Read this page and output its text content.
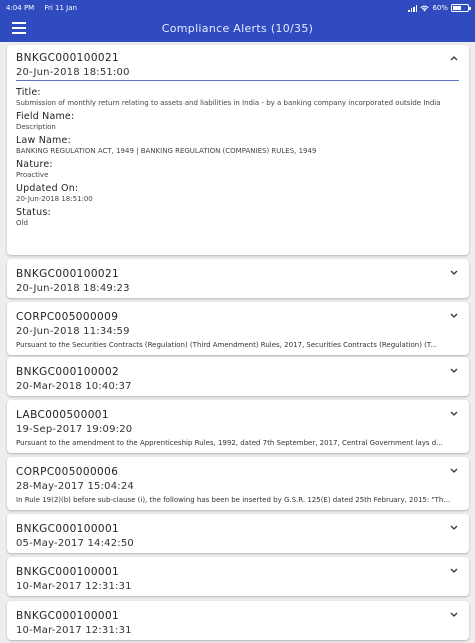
4:04 PM Fri 11 Jan	60%
Compliance Alerts (10/35)
BNKGC000100021
20-Jun-2018 18:51:00
Title:
Submission of monthly return relating to assets and liabilities in India - by a banking company incorporated outside India
Field Name:
Description
Law Name:
BANKING REGULATION ACT, 1949 | BANKING REGULATION (COMPANIES) RULES, 1949
Nature:
Proactive
Updated On:
20-Jun-2018 18:51:00
Status:
Old
BNKGC000100021
20-Jun-2018 18:49:23
CORPC005000009
20-Jun-2018 11:34:59
Pursuant to the Securities Contracts (Regulation) (Third Amendment) Rules, 2017, Securities Contracts (Regulation) (T...
BNKGC000100002
20-Mar-2018 10:40:37
LABC000500001
19-Sep-2017 19:09:20
Pursuant to the amendment to the Apprenticeship Rules, 1992, dated 7th September, 2017, Central Government lays d...
CORPC005000006
28-May-2017 15:04:24
In Rule 19(2)(b) before sub-clause (i), the following has been be inserted by G.S.R. 125(E) dated 25th February, 2015: "Th...
BNKGC000100001
05-May-2017 14:42:50
BNKGC000100001
10-Mar-2017 12:31:31
BNKGC000100001
10-Mar-2017 12:31:31
